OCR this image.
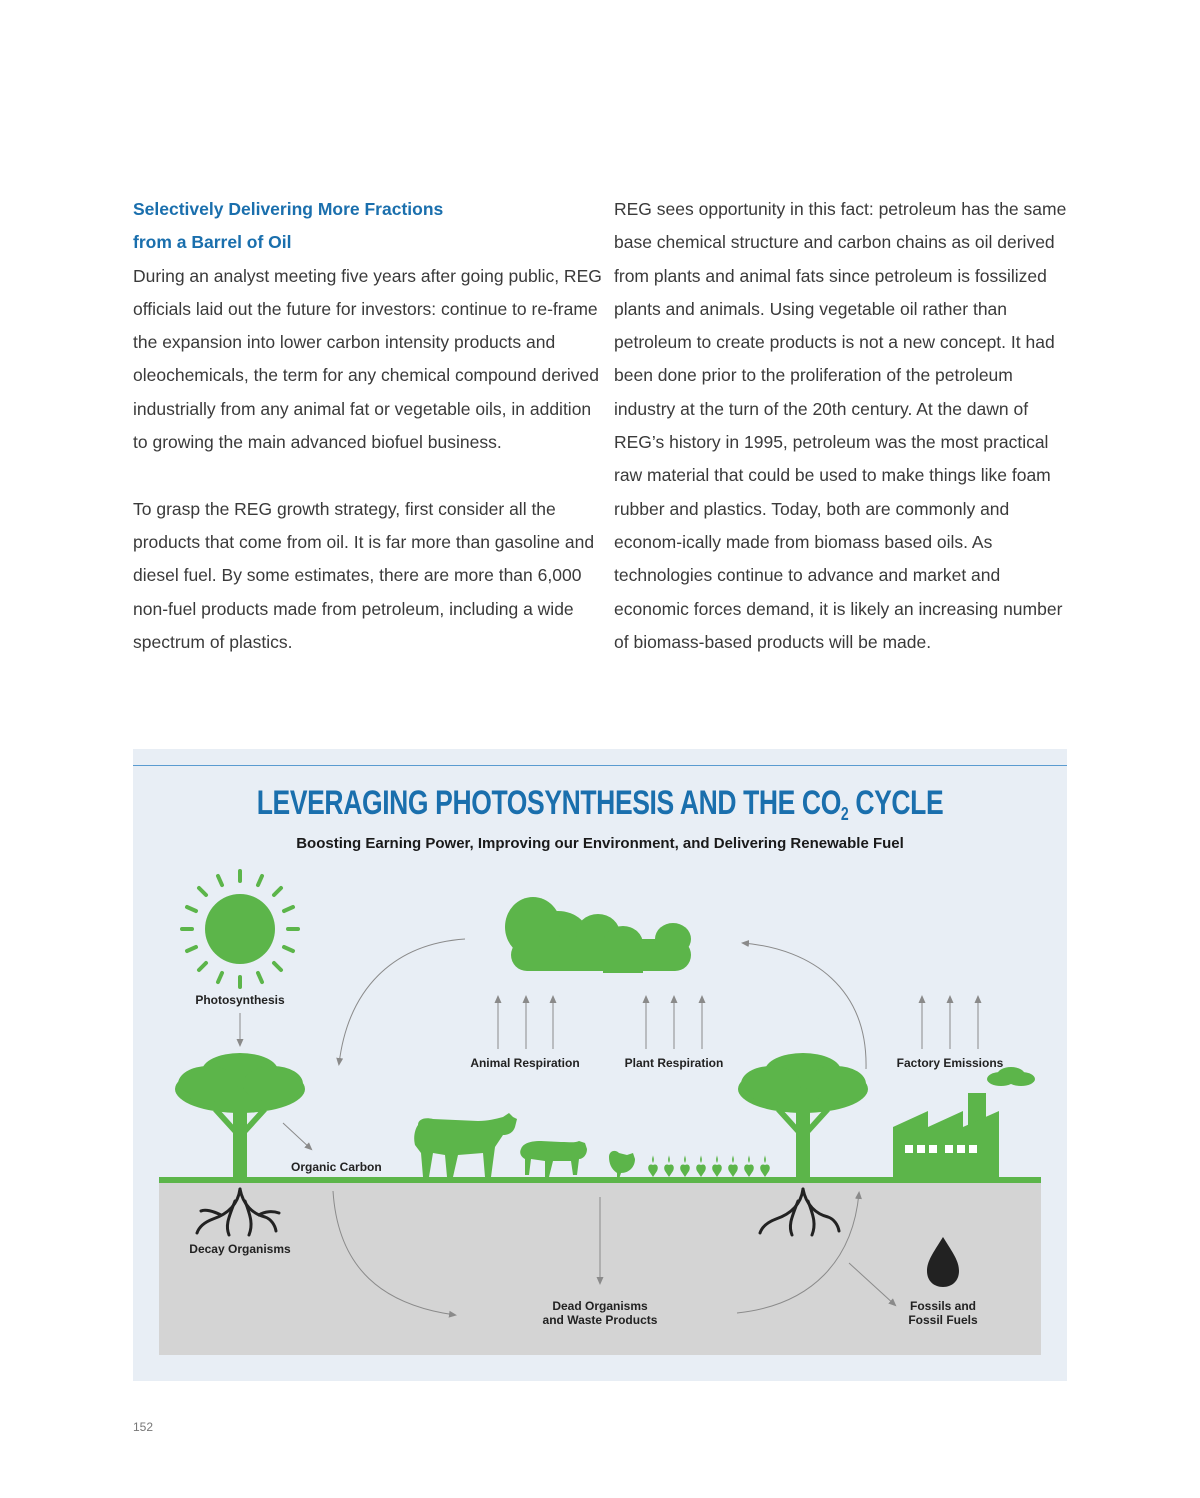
Selectively Delivering More Fractions

from a Barrel of Oil

During an analyst meeting five years after going public, REG officials laid out the future for investors: continue to re-frame the expansion into lower carbon intensity products and oleochemicals, the term for any chemical compound derived industrially from any animal fat or vegetable oils, in addition to growing the main advanced biofuel business.

To grasp the REG growth strategy, first consider all the products that come from oil. It is far more than gasoline and diesel fuel. By some estimates, there are more than 6,000 non-fuel products made from petroleum, including a wide spectrum of plastics.

REG sees opportunity in this fact: petroleum has the same base chemical structure and carbon chains as oil derived from plants and animal fats since petroleum is fossilized plants and animals. Using vegetable oil rather than petroleum to create products is not a new concept. It had been done prior to the proliferation of the petroleum industry at the turn of the 20th century. At the dawn of REG’s history in 1995, petroleum was the most practical raw material that could be used to make things like foam rubber and plastics. Today, both are commonly and econom-ically made from biomass based oils. As technologies continue to advance and market and economic forces demand, it is likely an increasing number of biomass-based products will be made.

LEVERAGING PHOTOSYNTHESIS AND THE $CO_2$ CYCLE
Boosting Earning Power, Improving our Environment, and Delivering Renewable Fuel
Photosynthesis
Organic Carbon
Decay Organisms
Animal Respiration	Plant Respiration	Factory Emissions
Fossils and
Fossil Fuels
Dead Organisms
and Waste Products
152
